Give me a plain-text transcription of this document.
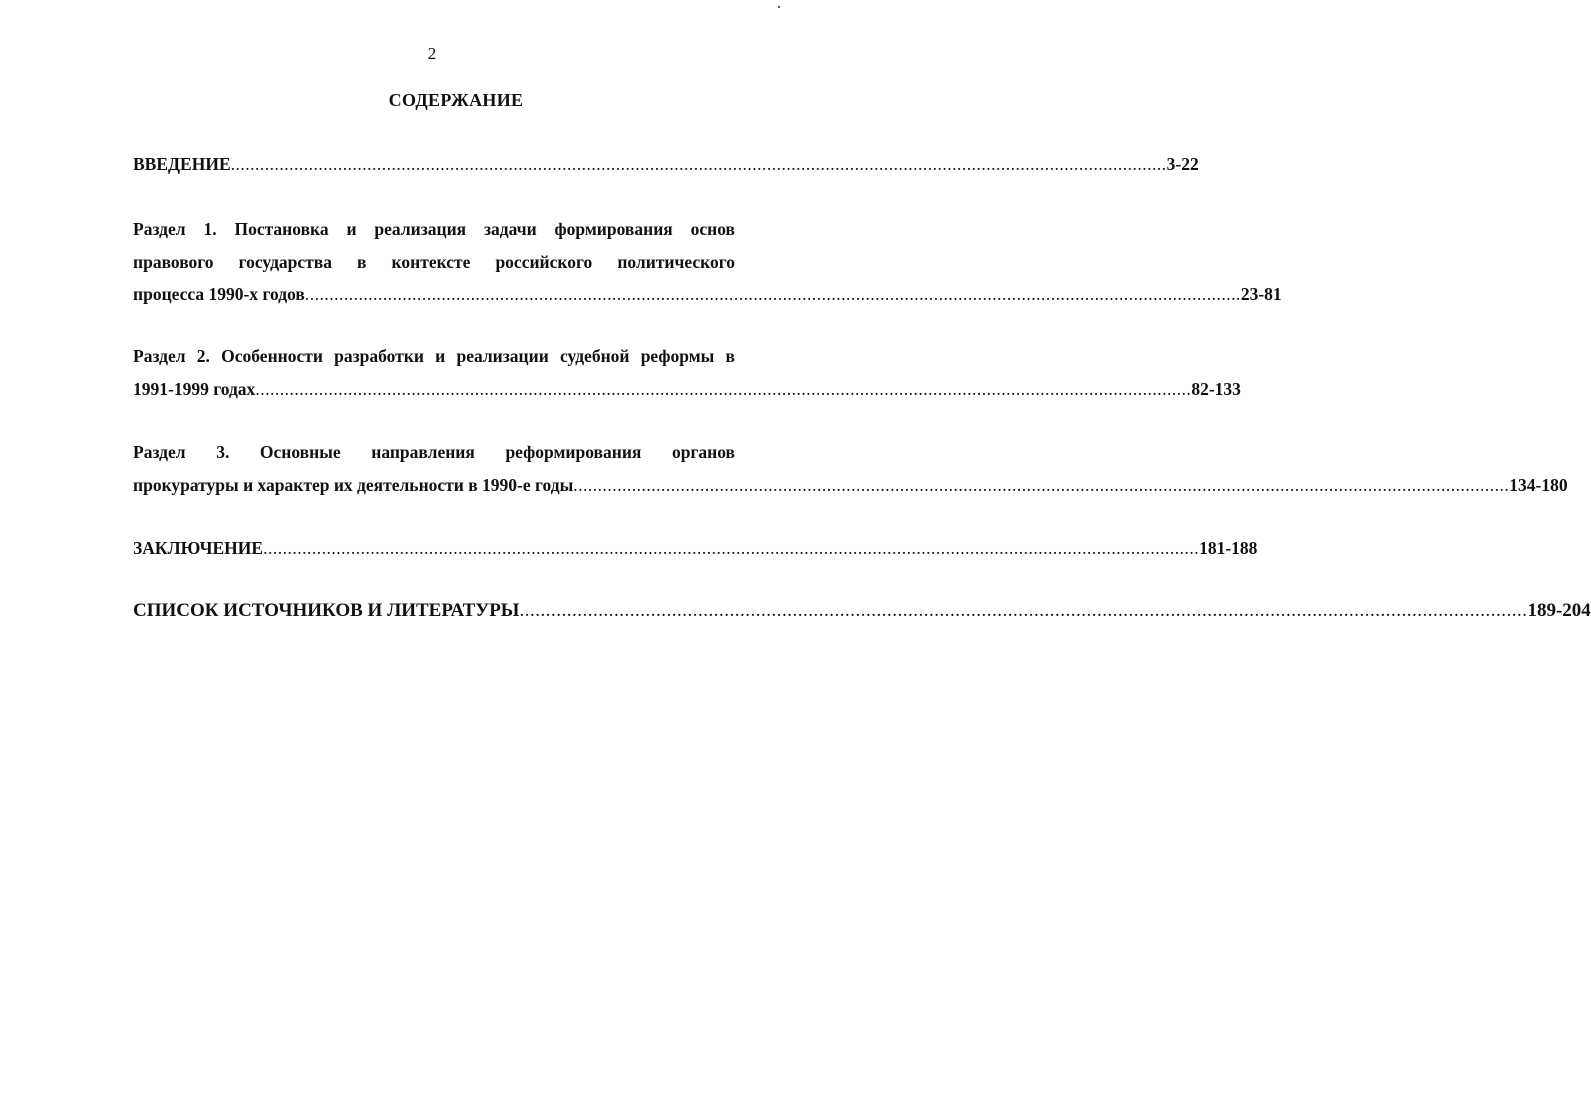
2
СОДЕРЖАНИЕ
ВВЕДЕНИЕ ................................................................................................................................................................................................ 3-22
Раздел 1. Постановка и реализация задачи формирования основ
правового государства в контексте российского политического
процесса 1990-х годов ................................................................................................................................................................................................ 23-81
Раздел 2. Особенности разработки и реализации судебной реформы в
1991-1999 годах ................................................................................................................................................................................................ 82-133
Раздел 3. Основные направления реформирования органов
прокуратуры и характер их деятельности в 1990-е годы ................................................................................................................................................................................................ 134-180
ЗАКЛЮЧЕНИЕ ................................................................................................................................................................................................ 181-188
СПИСОК ИСТОЧНИКОВ И ЛИТЕРАТУРЫ ................................................................................................................................................................................................ 189-204
